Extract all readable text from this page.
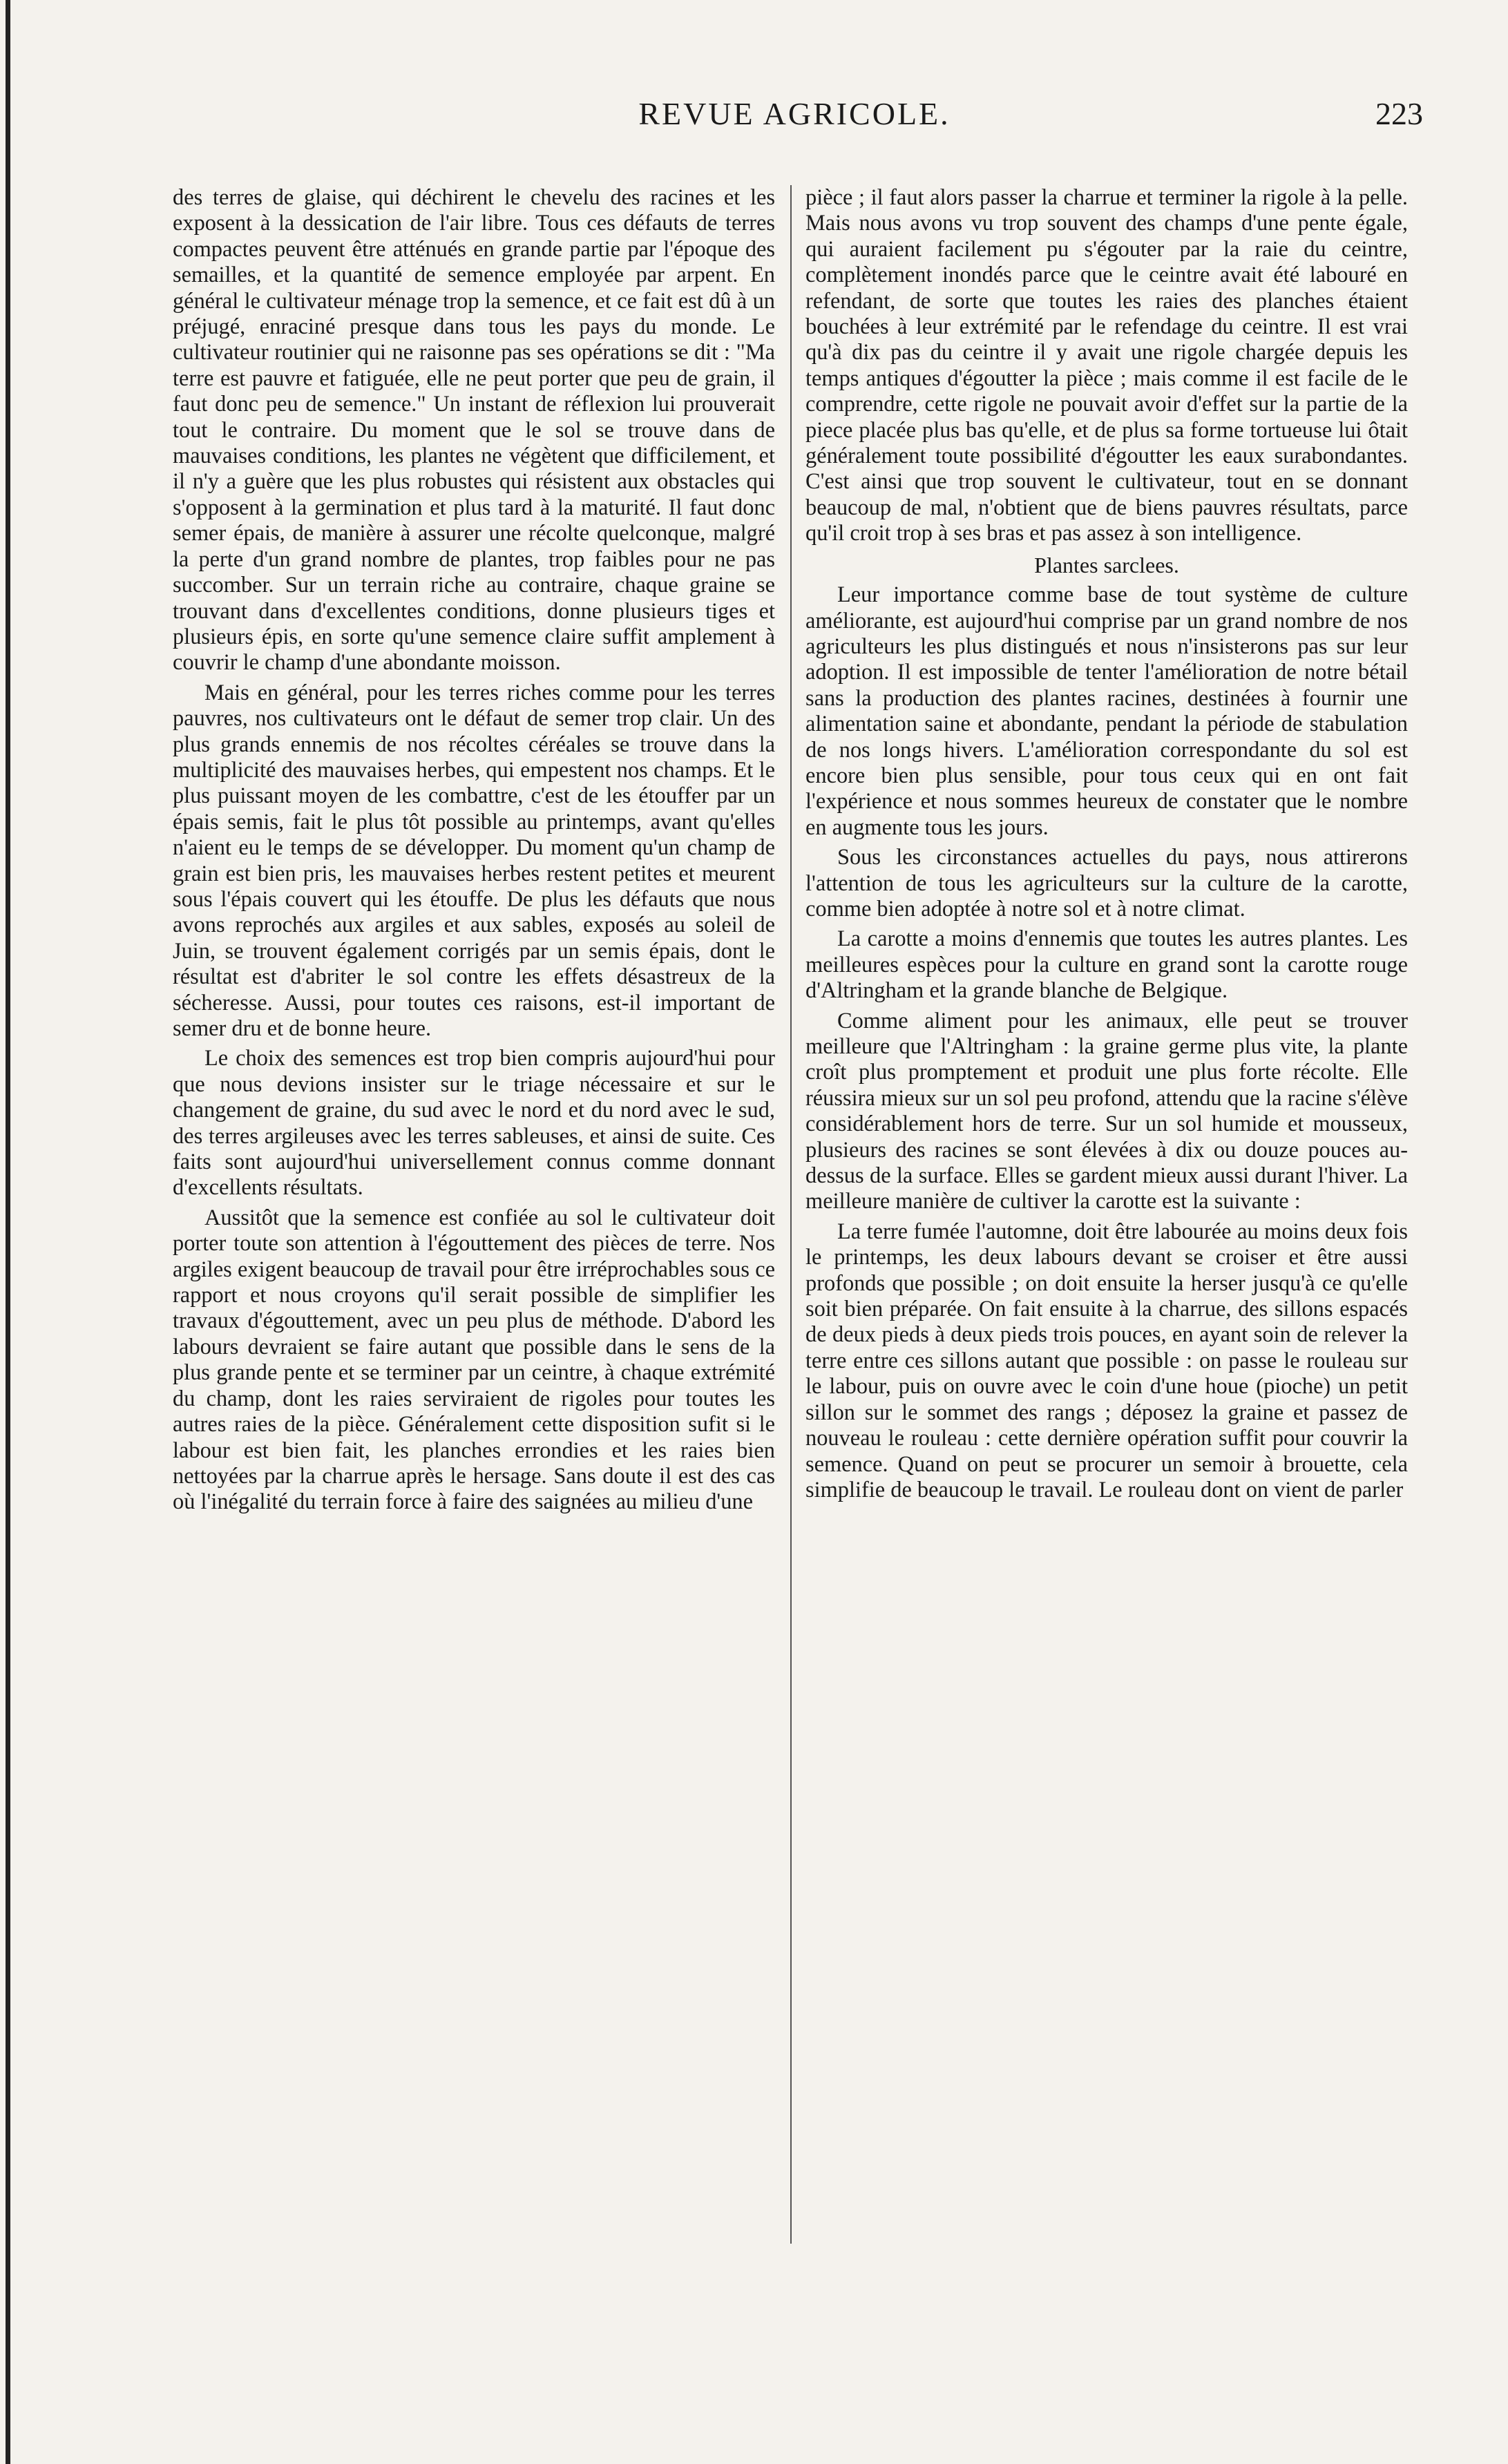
REVUE AGRICOLE.	223

des terres de glaise, qui déchirent le chevelu des racines et les exposent à la dessication de l'air libre. Tous ces défauts de terres compactes peuvent être atténués en grande partie par l'époque des semailles, et la quantité de semence employée par arpent. En général le cultivateur ménage trop la semence, et ce fait est dû à un préjugé, enraciné presque dans tous les pays du monde. Le cultivateur routinier qui ne raisonne pas ses opérations se dit : "Ma terre est pauvre et fatiguée, elle ne peut porter que peu de grain, il faut donc peu de semence." Un instant de réflexion lui prouverait tout le contraire. Du moment que le sol se trouve dans de mauvaises conditions, les plantes ne végètent que difficilement, et il n'y a guère que les plus robustes qui résistent aux obstacles qui s'opposent à la germination et plus tard à la maturité. Il faut donc semer épais, de manière à assurer une récolte quelconque, malgré la perte d'un grand nombre de plantes, trop faibles pour ne pas succomber. Sur un terrain riche au contraire, chaque graine se trouvant dans d'excellentes conditions, donne plusieurs tiges et plusieurs épis, en sorte qu'une semence claire suffit amplement à couvrir le champ d'une abondante moisson.

Mais en général, pour les terres riches comme pour les terres pauvres, nos cultivateurs ont le défaut de semer trop clair. Un des plus grands ennemis de nos récoltes céréales se trouve dans la multiplicité des mauvaises herbes, qui empestent nos champs. Et le plus puissant moyen de les combattre, c'est de les étouffer par un épais semis, fait le plus tôt possible au printemps, avant qu'elles n'aient eu le temps de se développer. Du moment qu'un champ de grain est bien pris, les mauvaises herbes restent petites et meurent sous l'épais couvert qui les étouffe. De plus les défauts que nous avons reprochés aux argiles et aux sables, exposés au soleil de Juin, se trouvent également corrigés par un semis épais, dont le résultat est d'abriter le sol contre les effets désastreux de la sécheresse. Aussi, pour toutes ces raisons, est-il important de semer dru et de bonne heure.

Le choix des semences est trop bien compris aujourd'hui pour que nous devions insister sur le triage nécessaire et sur le changement de graine, du sud avec le nord et du nord avec le sud, des terres argileuses avec les terres sableuses, et ainsi de suite. Ces faits sont aujourd'hui universellement connus comme donnant d'excellents résultats.

Aussitôt que la semence est confiée au sol le cultivateur doit porter toute son attention à l'égouttement des pièces de terre. Nos argiles exigent beaucoup de travail pour être irréprochables sous ce rapport et nous croyons qu'il serait possible de simplifier les travaux d'égouttement, avec un peu plus de méthode. D'abord les labours devraient se faire autant que possible dans le sens de la plus grande pente et se terminer par un ceintre, à chaque extrémité du champ, dont les raies serviraient de rigoles pour toutes les autres raies de la pièce. Généralement cette disposition sufit si le labour est bien fait, les planches errondies et les raies bien nettoyées par la charrue après le hersage. Sans doute il est des cas où l'inégalité du terrain force à faire des saignées au milieu d'une

pièce ; il faut alors passer la charrue et terminer la rigole à la pelle. Mais nous avons vu trop souvent des champs d'une pente égale, qui auraient facilement pu s'égouter par la raie du ceintre, complètement inondés parce que le ceintre avait été labouré en refendant, de sorte que toutes les raies des planches étaient bouchées à leur extrémité par le refendage du ceintre. Il est vrai qu'à dix pas du ceintre il y avait une rigole chargée depuis les temps antiques d'égoutter la pièce ; mais comme il est facile de le comprendre, cette rigole ne pouvait avoir d'effet sur la partie de la piece placée plus bas qu'elle, et de plus sa forme tortueuse lui ôtait généralement toute possibilité d'égoutter les eaux surabondantes. C'est ainsi que trop souvent le cultivateur, tout en se donnant beaucoup de mal, n'obtient que de biens pauvres résultats, parce qu'il croit trop à ses bras et pas assez à son intelligence.

Plantes sarclees.

Leur importance comme base de tout système de culture améliorante, est aujourd'hui comprise par un grand nombre de nos agriculteurs les plus distingués et nous n'insisterons pas sur leur adoption. Il est impossible de tenter l'amélioration de notre bétail sans la production des plantes racines, destinées à fournir une alimentation saine et abondante, pendant la période de stabulation de nos longs hivers. L'amélioration correspondante du sol est encore bien plus sensible, pour tous ceux qui en ont fait l'expérience et nous sommes heureux de constater que le nombre en augmente tous les jours.

Sous les circonstances actuelles du pays, nous attirerons l'attention de tous les agriculteurs sur la culture de la carotte, comme bien adoptée à notre sol et à notre climat.

La carotte a moins d'ennemis que toutes les autres plantes. Les meilleures espèces pour la culture en grand sont la carotte rouge d'Altringham et la grande blanche de Belgique.

Comme aliment pour les animaux, elle peut se trouver meilleure que l'Altringham : la graine germe plus vite, la plante croît plus promptement et produit une plus forte récolte. Elle réussira mieux sur un sol peu profond, attendu que la racine s'élève considérablement hors de terre. Sur un sol humide et mousseux, plusieurs des racines se sont élevées à dix ou douze pouces au-dessus de la surface. Elles se gardent mieux aussi durant l'hiver. La meilleure manière de cultiver la carotte est la suivante :

La terre fumée l'automne, doit être labourée au moins deux fois le printemps, les deux labours devant se croiser et être aussi profonds que possible ; on doit ensuite la herser jusqu'à ce qu'elle soit bien préparée. On fait ensuite à la charrue, des sillons espacés de deux pieds à deux pieds trois pouces, en ayant soin de relever la terre entre ces sillons autant que possible : on passe le rouleau sur le labour, puis on ouvre avec le coin d'une houe (pioche) un petit sillon sur le sommet des rangs ; déposez la graine et passez de nouveau le rouleau : cette dernière opération suffit pour couvrir la semence. Quand on peut se procurer un semoir à brouette, cela simplifie de beaucoup le travail. Le rouleau dont on vient de parler
